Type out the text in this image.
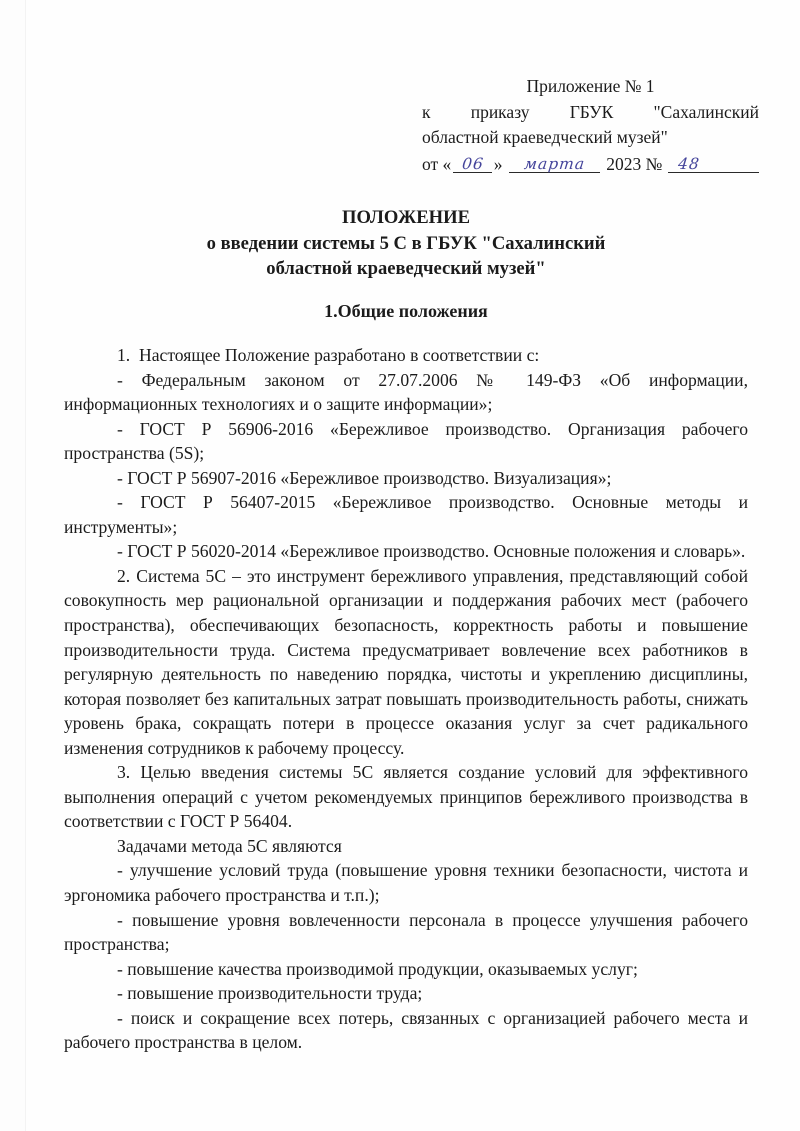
Приложение № 1
к приказу ГБУК "Сахалинский
областной краеведческий музей"
от « 06 »	марта	2023 № 48
ПОЛОЖЕНИЕ
о введении системы 5 С в ГБУК "Сахалинский
областной краеведческий музей"
1.Общие положения

1.  Настоящее Положение разработано в соответствии с:

- Федеральным законом от 27.07.2006 № 149-ФЗ «Об информации, информационных технологиях и о защите информации»;

- ГОСТ Р 56906-2016 «Бережливое производство. Организация рабочего пространства (5S);

- ГОСТ Р 56907-2016 «Бережливое производство. Визуализация»;

- ГОСТ Р 56407-2015 «Бережливое производство. Основные методы и инструменты»;

- ГОСТ Р 56020-2014 «Бережливое производство. Основные положения и словарь».

2. Система 5С – это инструмент бережливого управления, представляющий собой совокупность мер рациональной организации и поддержания рабочих мест (рабочего пространства), обеспечивающих безопасность, корректность работы и повышение производительности труда. Система предусматривает вовлечение всех работников в регулярную деятельность по наведению порядка, чистоты и укреплению дисциплины, которая позволяет без капитальных затрат повышать производительность работы, снижать уровень брака, сокращать потери в процессе оказания услуг за счет радикального изменения сотрудников к рабочему процессу.

3. Целью введения системы 5С является создание условий для эффективного выполнения операций с учетом рекомендуемых принципов бережливого производства в соответствии с ГОСТ Р 56404.

Задачами метода 5С являются

- улучшение условий труда (повышение уровня техники безопасности, чистота и эргономика рабочего пространства и т.п.);

- повышение уровня вовлеченности персонала в процессе улучшения рабочего пространства;

- повышение качества производимой продукции, оказываемых услуг;

- повышение производительности труда;

- поиск и сокращение всех потерь, связанных с организацией рабочего места и рабочего пространства в целом.
